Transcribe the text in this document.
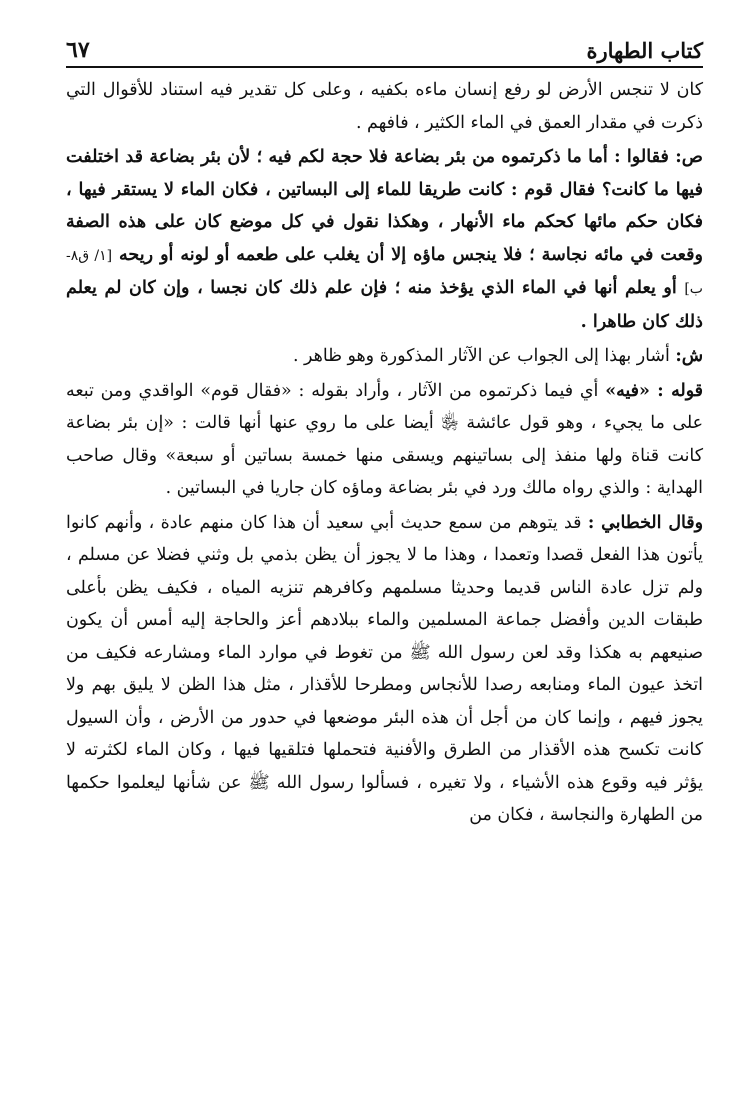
كتاب الطهارة
٦٧

كان لا تنجس الأرض لو رفع إنسان ماءه بكفيه ، وعلى كل تقدير فيه استناد للأقوال التي ذكرت في مقدار العمق في الماء الكثير ، فافهم .

ص: فقالوا : أما ما ذكرتموه من بئر بضاعة فلا حجة لكم فيه ؛ لأن بئر بضاعة قد اختلفت فيها ما كانت؟ فقال قوم : كانت طريقا للماء إلى البساتين ، فكان الماء لا يستقر فيها ، فكان حكم مائها كحكم ماء الأنهار ، وهكذا نقول في كل موضع كان على هذه الصفة وقعت في مائه نجاسة ؛ فلا ينجس ماؤه إلا أن يغلب على طعمه أو لونه أو ريحه [١/ ق٨-ب] أو يعلم أنها في الماء الذي يؤخذ منه ؛ فإن علم ذلك كان نجسا ، وإن كان لم يعلم ذلك كان طاهرا .

ش: أشار بهذا إلى الجواب عن الآثار المذكورة وهو ظاهر .

قوله : «فيه» أي فيما ذكرتموه من الآثار ، وأراد بقوله : «فقال قوم» الواقدي ومن تبعه على ما يجيء ، وهو قول عائشة ﵂ أيضا على ما روي عنها أنها قالت : «إن بئر بضاعة كانت قناة ولها منفذ إلى بساتينهم ويسقى منها خمسة بساتين أو سبعة» وقال صاحب الهداية : والذي رواه مالك ورد في بئر بضاعة وماؤه كان جاريا في البساتين .

وقال الخطابي : قد يتوهم من سمع حديث أبي سعيد أن هذا كان منهم عادة ، وأنهم كانوا يأتون هذا الفعل قصدا وتعمدا ، وهذا ما لا يجوز أن يظن بذمي بل وثني فضلا عن مسلم ، ولم تزل عادة الناس قديما وحديثا مسلمهم وكافرهم تنزيه المياه ، فكيف يظن بأعلى طبقات الدين وأفضل جماعة المسلمين والماء ببلادهم أعز والحاجة إليه أمس أن يكون صنيعهم به هكذا وقد لعن رسول الله ﷺ من تغوط في موارد الماء ومشارعه فكيف من اتخذ عيون الماء ومنابعه رصدا للأنجاس ومطرحا للأقذار ، مثل هذا الظن لا يليق بهم ولا يجوز فيهم ، وإنما كان من أجل أن هذه البئر موضعها في حدور من الأرض ، وأن السيول كانت تكسح هذه الأقذار من الطرق والأفنية فتحملها فتلقيها فيها ، وكان الماء لكثرته لا يؤثر فيه وقوع هذه الأشياء ، ولا تغيره ، فسألوا رسول الله ﷺ عن شأنها ليعلموا حكمها من الطهارة والنجاسة ، فكان من
